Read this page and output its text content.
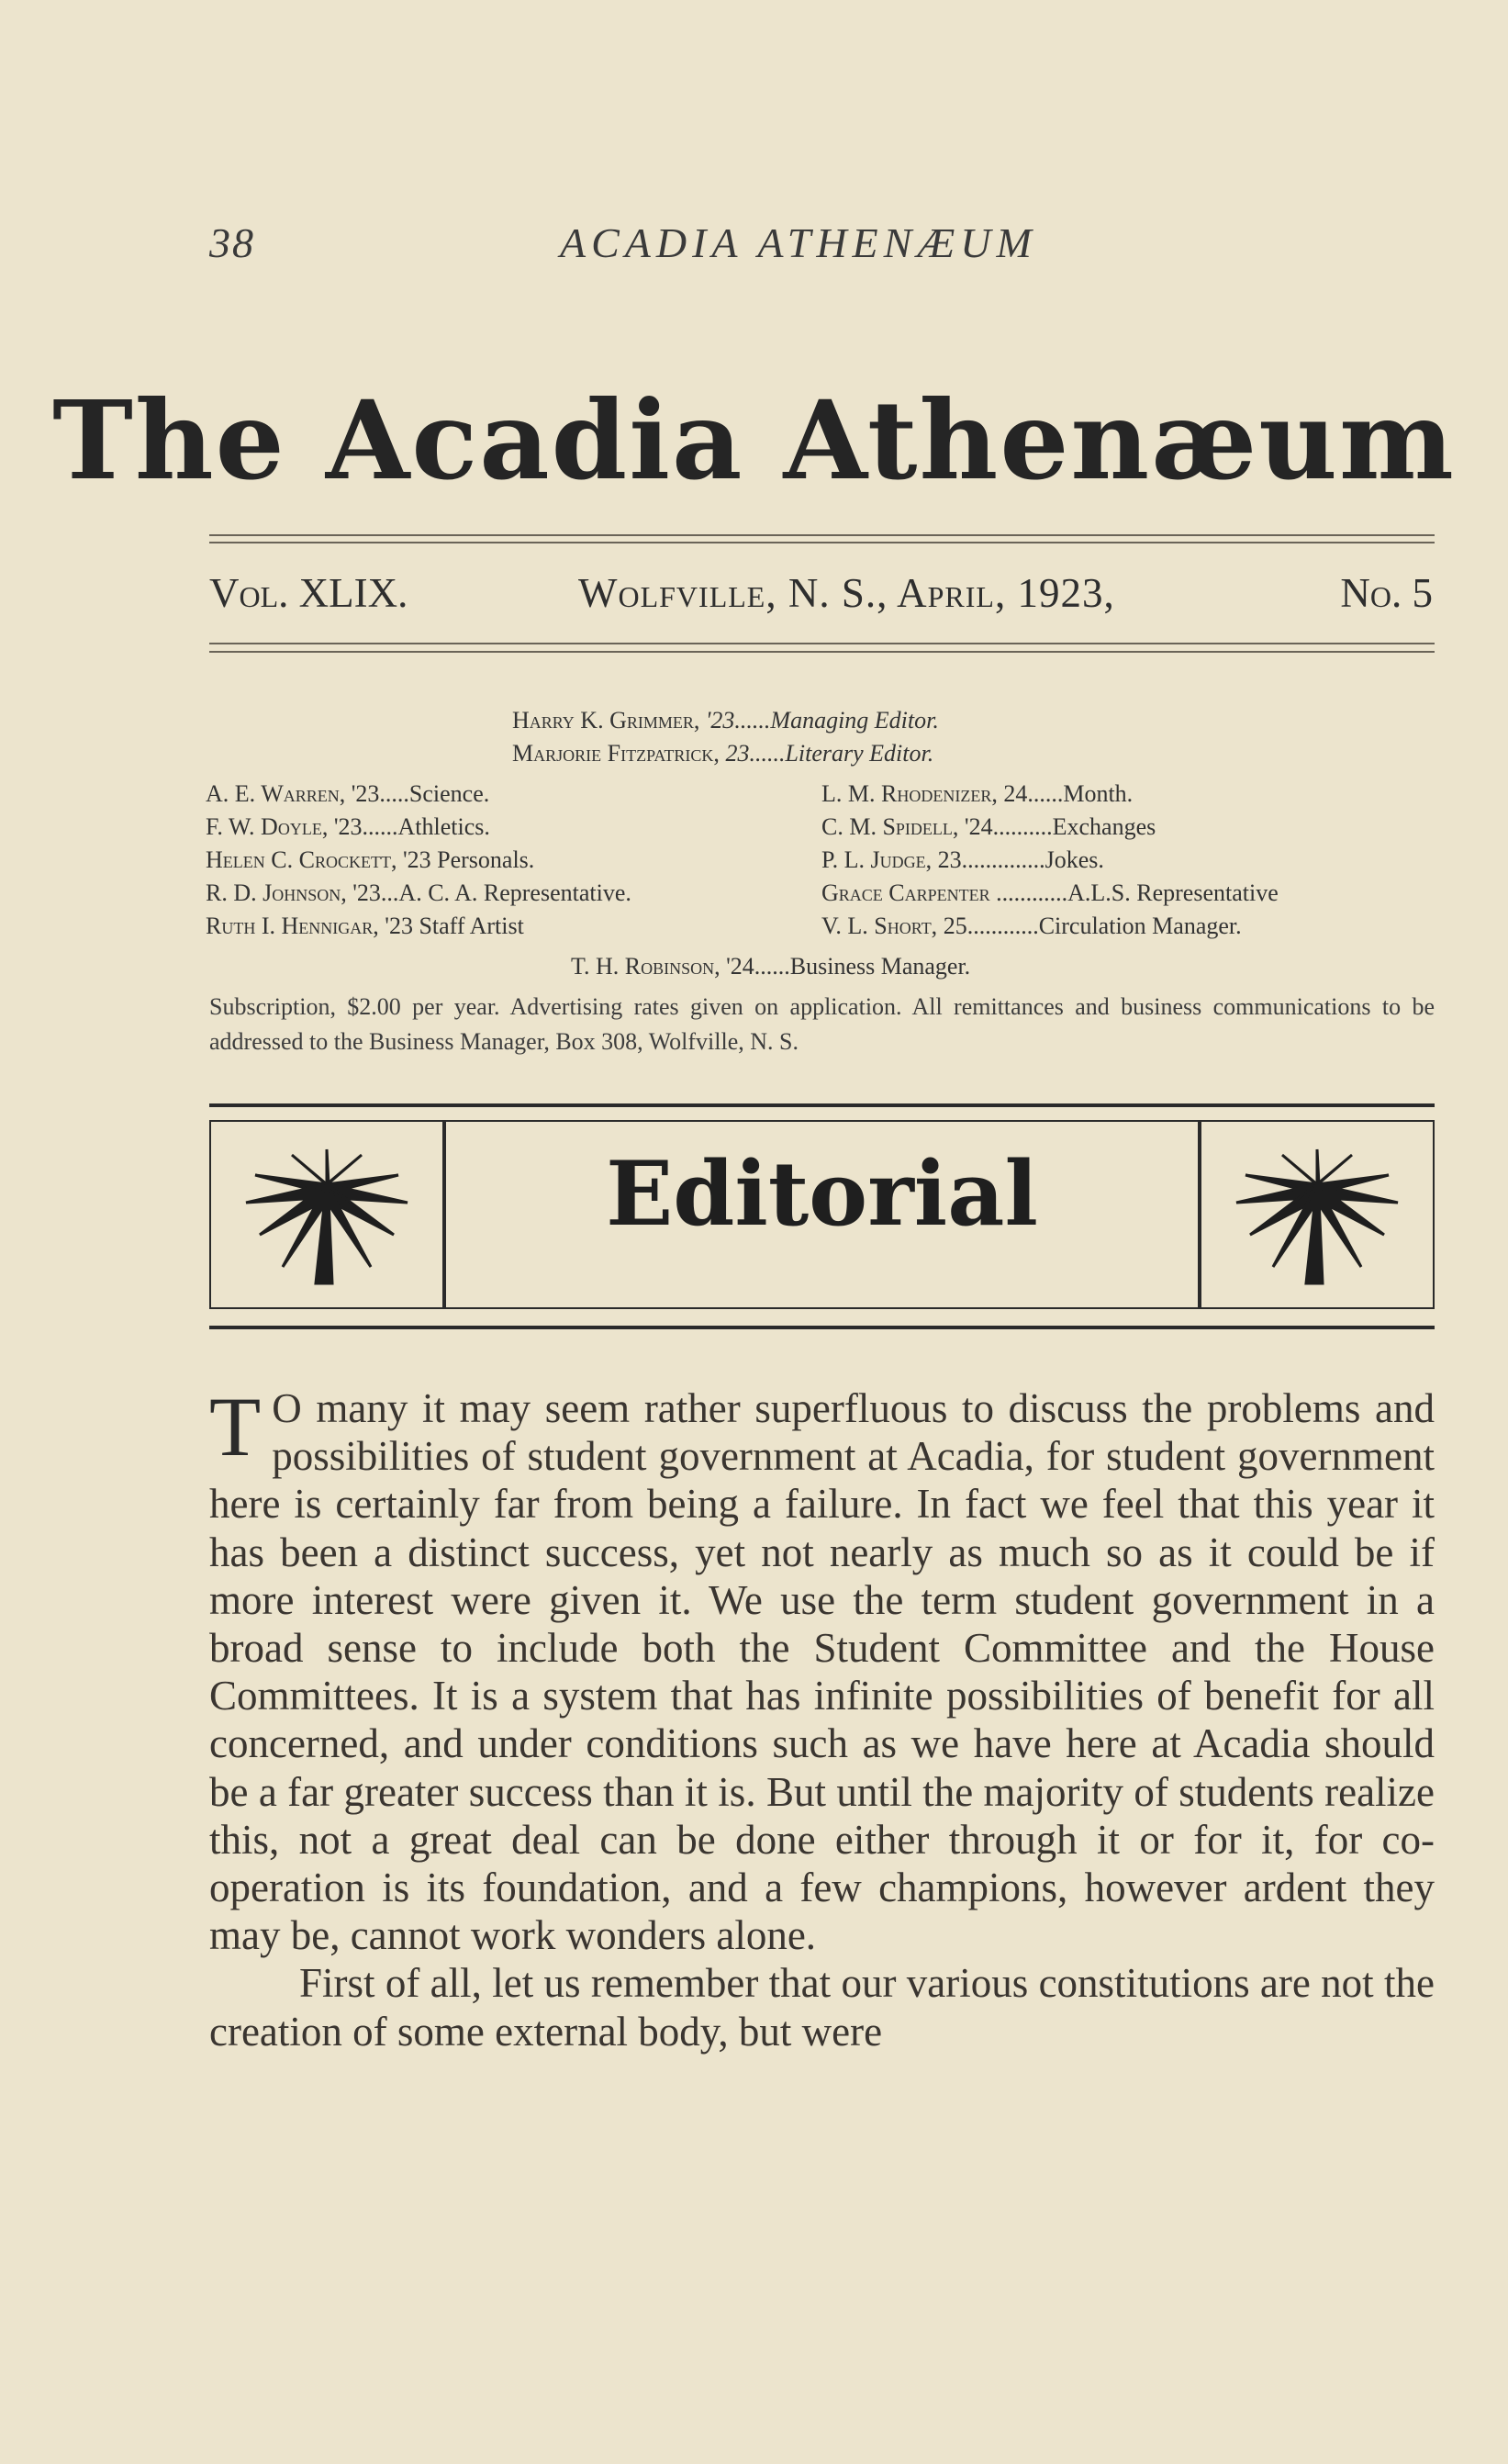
38	ACADIA ATHENÆUM
The Acadia Athenæum
Vol. XLIX.	Wolfville, N. S., April, 1923,	No. 5
Harry K. Grimmer, '23......Managing Editor.
Marjorie Fitzpatrick, 23......Literary Editor.
A. E. Warren, '23.....Science.
F. W. Doyle, '23......Athletics.
Helen C. Crockett, '23 Personals.
R. D. Johnson, '23...A. C. A. Representative.
Ruth I. Hennigar, '23 Staff Artist
L. M. Rhodenizer, 24......Month.
C. M. Spidell, '24..........Exchanges
P. L. Judge, 23..............Jokes.
Grace Carpenter ............A.L.S. Representative
V. L. Short, 25............Circulation Manager.
T. H. Robinson, '24......Business Manager.
Subscription, $2.00 per year. Advertising rates given on application. All remittances and business communications to be addressed to the Business Manager, Box 308, Wolfville, N. S.
Editorial

T O many it may seem rather superfluous to discuss the problems and possibilities of student government at Acadia, for student government here is certainly far from being a failure. In fact we feel that this year it has been a distinct success, yet not nearly as much so as it could be if more interest were given it. We use the term student government in a broad sense to include both the Student Committee and the House Committees. It is a system that has infinite possibilities of benefit for all concerned, and under conditions such as we have here at Acadia should be a far greater success than it is. But until the majority of students realize this, not a great deal can be done either through it or for it, for co-operation is its foundation, and a few champions, however ardent they may be, cannot work wonders alone.

First of all, let us remember that our various constitutions are not the creation of some external body, but were
